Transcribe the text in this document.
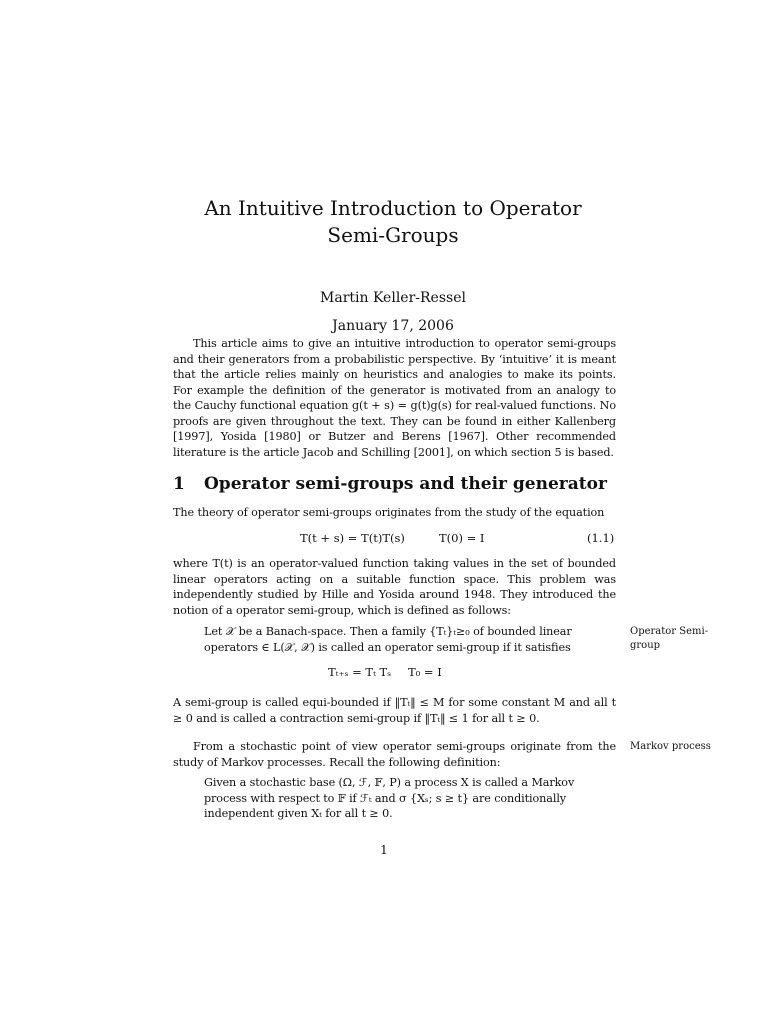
An Intuitive Introduction to Operator
Semi-Groups
Martin Keller-Ressel
January 17, 2006
This article aims to give an intuitive introduction to operator semi-groups and their generators from a probabilistic perspective. By ‘intuitive’ it is meant that the article relies mainly on heuristics and analogies to make its points. For example the definition of the generator is motivated from an analogy to the Cauchy functional equation g(t + s) = g(t)g(s) for real-valued functions. No proofs are given throughout the text. They can be found in either Kallenberg [1997], Yosida [1980] or Butzer and Berens [1967]. Other recommended literature is the article Jacob and Schilling [2001], on which section 5 is based.
1 Operator semi-groups and their generator
The theory of operator semi-groups originates from the study of the equation
T(t + s) = T(t)T(s)	T(0) = I	(1.1)
where T(t) is an operator-valued function taking values in the set of bounded linear operators acting on a suitable function space. This problem was independently studied by Hille and Yosida around 1948. They introduced the notion of a operator semi-group, which is defined as follows:
Let 𝒳 be a Banach-space. Then a family {Tₜ}ₜ≥₀ of bounded linear
operators ∈ L(𝒳, 𝒳) is called an operator semi-group if it satisfies
Operator Semi-group
Tₜ₊ₛ = Tₜ Tₛ T₀ = I
A semi-group is called equi-bounded if ‖Tₜ‖ ≤ M for some constant M and all t ≥ 0 and is called a contraction semi-group if ‖Tₜ‖ ≤ 1 for all t ≥ 0.
From a stochastic point of view operator semi-groups originate from the study of Markov processes. Recall the following definition:
Markov process
Given a stochastic base (Ω, ℱ, 𝔽, P) a process X is called a Markov process with respect to 𝔽 if ℱₜ and σ {Xₛ; s ≥ t} are conditionally independent given Xₜ for all t ≥ 0.
1
